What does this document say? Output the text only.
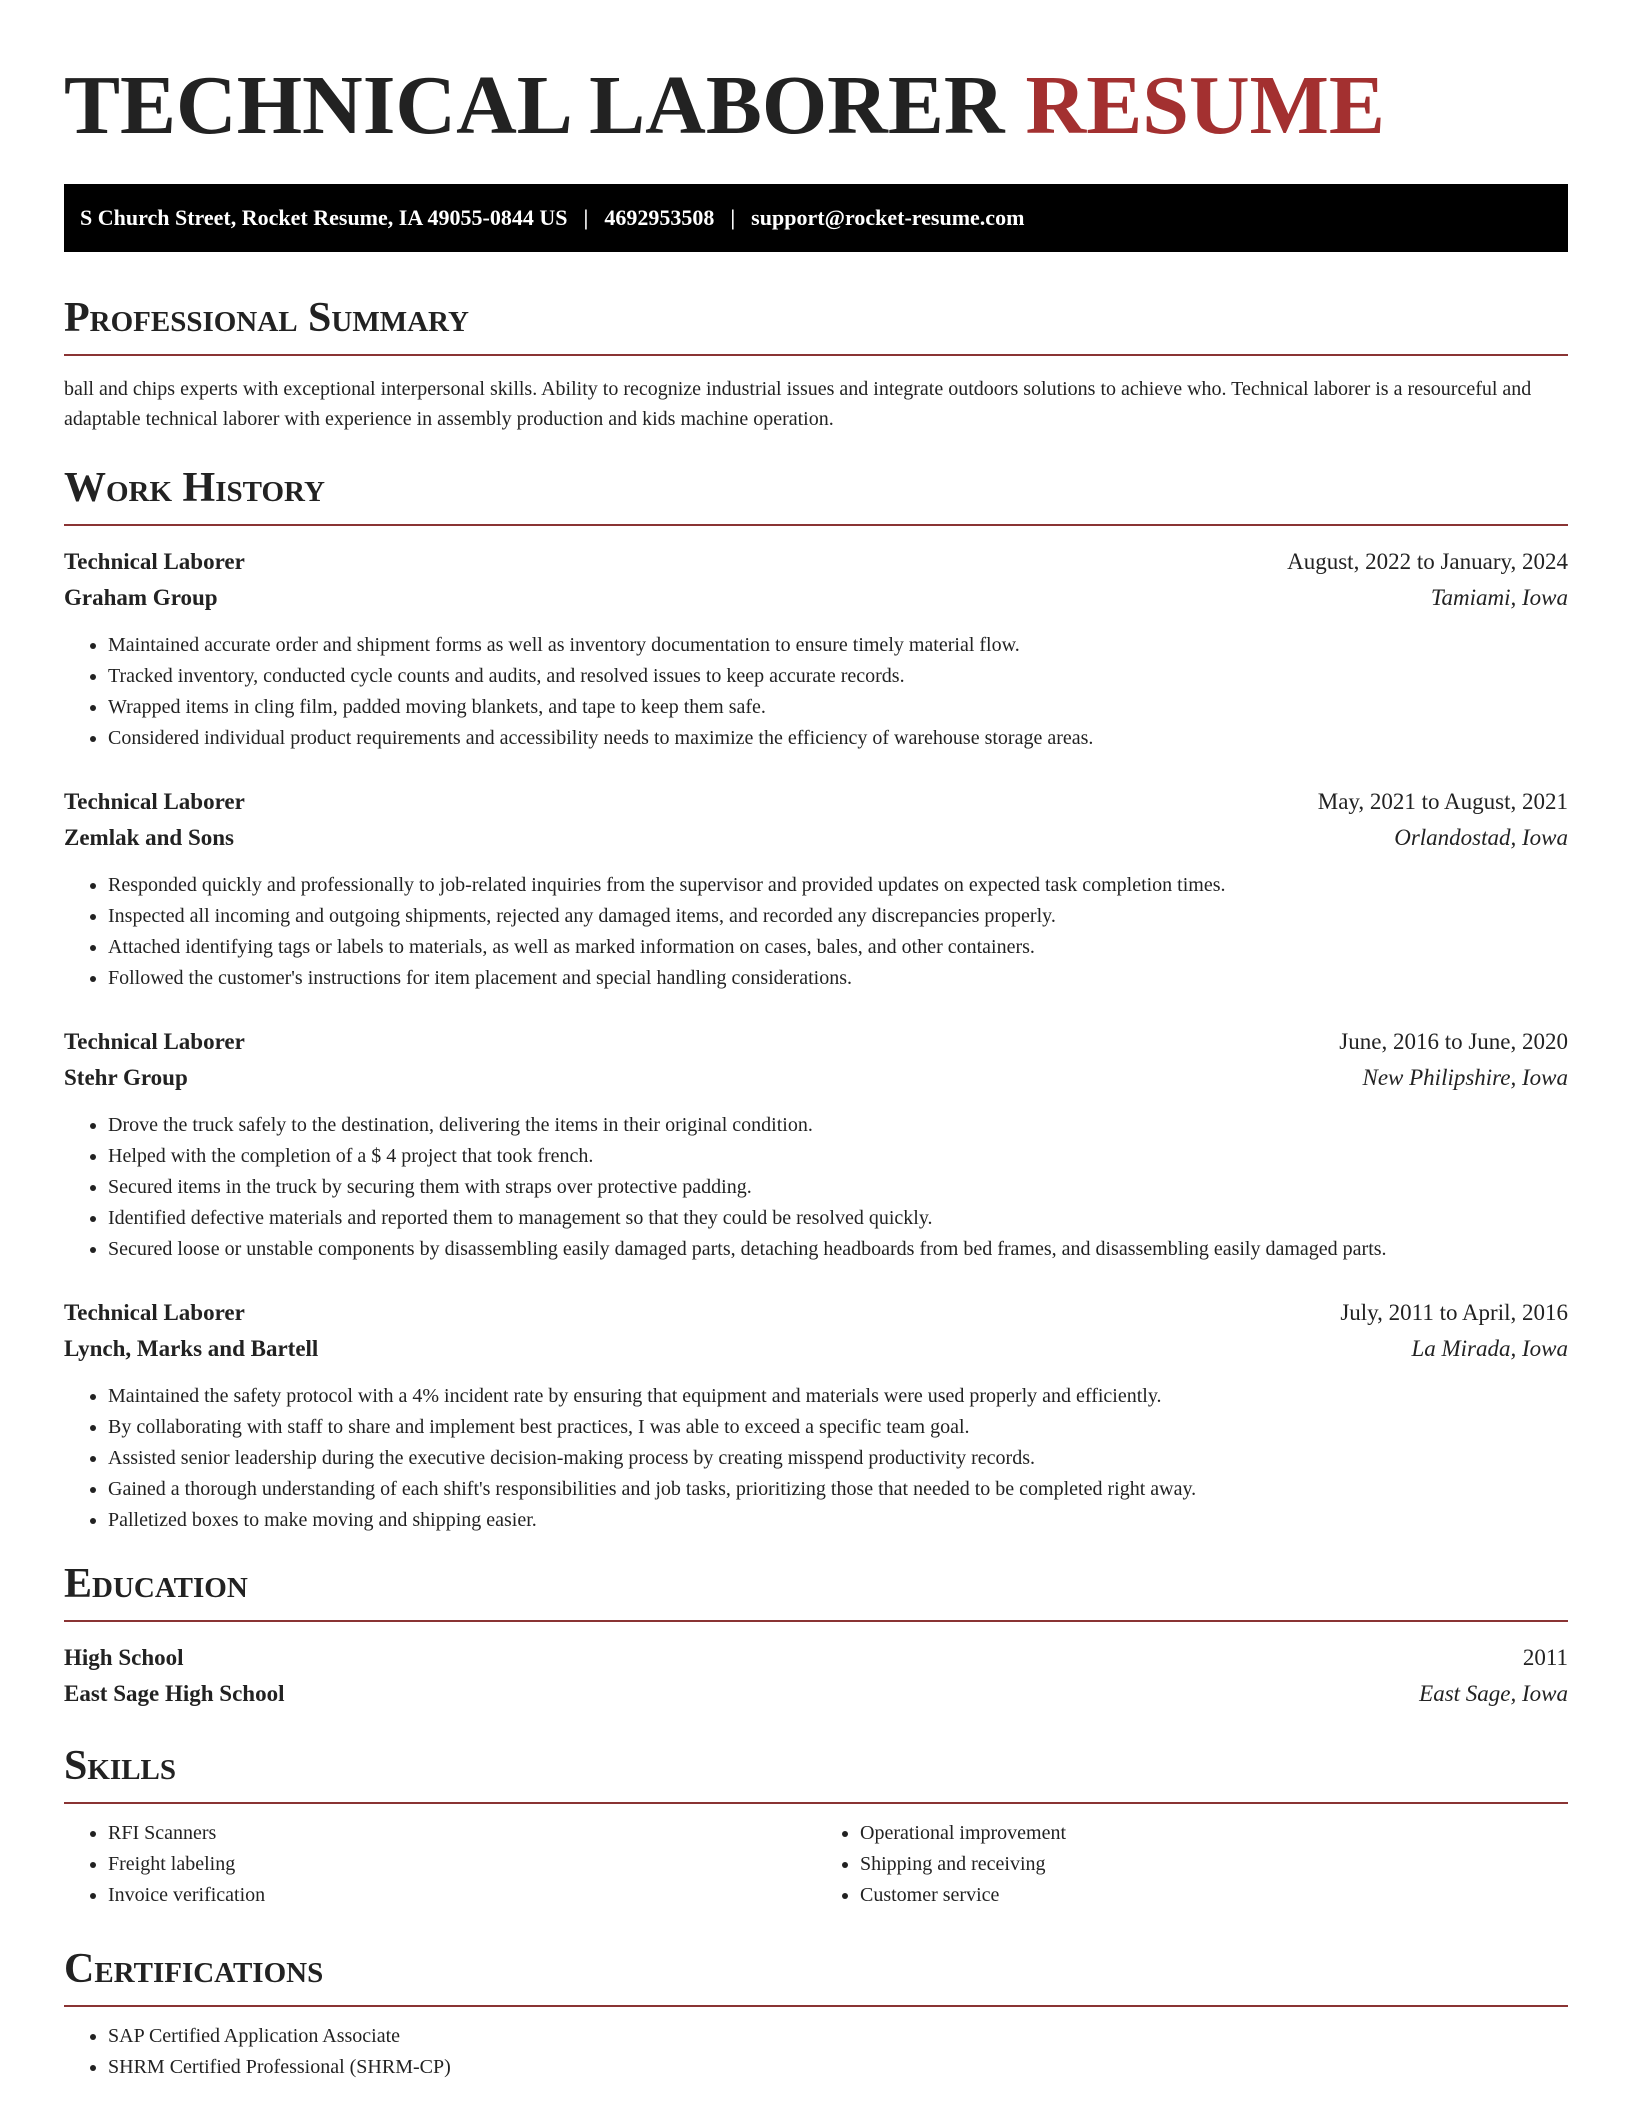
TECHNICAL LABORER RESUME
S Church Street, Rocket Resume, IA 49055-0844 US | 4692953508 | support@rocket-resume.com
Professional Summary
ball and chips experts with exceptional interpersonal skills. Ability to recognize industrial issues and integrate outdoors solutions to achieve who. Technical laborer is a resourceful and adaptable technical laborer with experience in assembly production and kids machine operation.
Work History
Technical Laborer	August, 2022 to January, 2024
Graham Group	Tamiami, Iowa
• Maintained accurate order and shipment forms as well as inventory documentation to ensure timely material flow.
• Tracked inventory, conducted cycle counts and audits, and resolved issues to keep accurate records.
• Wrapped items in cling film, padded moving blankets, and tape to keep them safe.
• Considered individual product requirements and accessibility needs to maximize the efficiency of warehouse storage areas.
Technical Laborer	May, 2021 to August, 2021
Zemlak and Sons	Orlandostad, Iowa
• Responded quickly and professionally to job-related inquiries from the supervisor and provided updates on expected task completion times.
• Inspected all incoming and outgoing shipments, rejected any damaged items, and recorded any discrepancies properly.
• Attached identifying tags or labels to materials, as well as marked information on cases, bales, and other containers.
• Followed the customer's instructions for item placement and special handling considerations.
Technical Laborer	June, 2016 to June, 2020
Stehr Group	New Philipshire, Iowa
• Drove the truck safely to the destination, delivering the items in their original condition.
• Helped with the completion of a $ 4 project that took french.
• Secured items in the truck by securing them with straps over protective padding.
• Identified defective materials and reported them to management so that they could be resolved quickly.
• Secured loose or unstable components by disassembling easily damaged parts, detaching headboards from bed frames, and disassembling easily damaged parts.
Technical Laborer	July, 2011 to April, 2016
Lynch, Marks and Bartell	La Mirada, Iowa
• Maintained the safety protocol with a 4% incident rate by ensuring that equipment and materials were used properly and efficiently.
• By collaborating with staff to share and implement best practices, I was able to exceed a specific team goal.
• Assisted senior leadership during the executive decision-making process by creating misspend productivity records.
• Gained a thorough understanding of each shift's responsibilities and job tasks, prioritizing those that needed to be completed right away.
• Palletized boxes to make moving and shipping easier.
Education
High School	2011
East Sage High School	East Sage, Iowa
Skills
• RFI Scanners
• Freight labeling
• Invoice verification
• Operational improvement
• Shipping and receiving
• Customer service
Certifications
• SAP Certified Application Associate
• SHRM Certified Professional (SHRM-CP)
